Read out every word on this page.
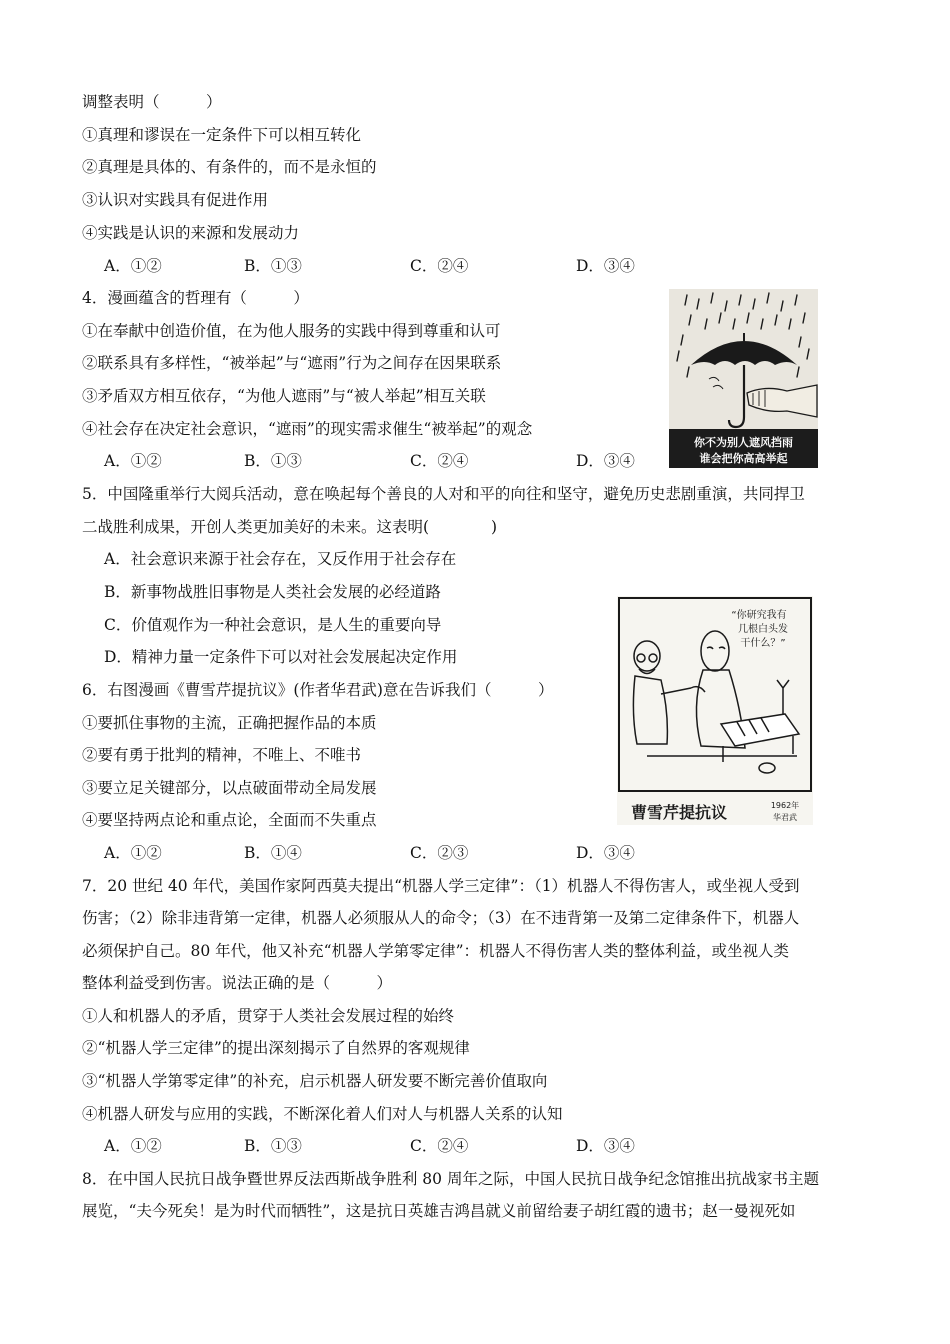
调整表明（　　　）
①真理和谬误在一定条件下可以相互转化
②真理是具体的、有条件的，而不是永恒的
③认识对实践具有促进作用
④实践是认识的来源和发展动力
A．①②	B．①③	C．②④	D．③④
4．漫画蕴含的哲理有（　　　）
①在奉献中创造价值，在为他人服务的实践中得到尊重和认可
②联系具有多样性，“被举起”与“遮雨”行为之间存在因果联系
③矛盾双方相互依存，“为他人遮雨”与“被人举起”相互关联
④社会存在决定社会意识，“遮雨”的现实需求催生“被举起”的观念
A．①②	B．①③	C．②④	D．③④
你不为别人遮风挡雨
谁会把你高高举起
5．中国隆重举行大阅兵活动，意在唤起每个善良的人对和平的向往和坚守，避免历史悲剧重演，共同捍卫
二战胜利成果，开创人类更加美好的未来。这表明(　　　　)
A．社会意识来源于社会存在，又反作用于社会存在
B．新事物战胜旧事物是人类社会发展的必经道路
C．价值观作为一种社会意识，是人生的重要向导
D．精神力量一定条件下可以对社会发展起决定作用
6．右图漫画《曹雪芹提抗议》(作者华君武)意在告诉我们（　　　）
①要抓住事物的主流，正确把握作品的本质
②要有勇于批判的精神，不唯上、不唯书
③要立足关键部分，以点破面带动全局发展
④要坚持两点论和重点论，全面而不失重点
A．①②	B．①④	C．②③	D．③④
“你研究我有
几根白头发
干什么？”
曹雪芹提抗议	1962年
华君武
7．20 世纪 40 年代，美国作家阿西莫夫提出“机器人学三定律”：（1）机器人不得伤害人，或坐视人受到
伤害；（2）除非违背第一定律，机器人必须服从人的命令；（3）在不违背第一及第二定律条件下，机器人
必须保护自己。80 年代，他又补充“机器人学第零定律”：机器人不得伤害人类的整体利益，或坐视人类
整体利益受到伤害。说法正确的是（　　　）
①人和机器人的矛盾，贯穿于人类社会发展过程的始终
②“机器人学三定律”的提出深刻揭示了自然界的客观规律
③“机器人学第零定律”的补充，启示机器人研发要不断完善价值取向
④机器人研发与应用的实践，不断深化着人们对人与机器人关系的认知
A．①②	B．①③	C．②④	D．③④
8．在中国人民抗日战争暨世界反法西斯战争胜利 80 周年之际，中国人民抗日战争纪念馆推出抗战家书主题
展览，“夫今死矣！是为时代而牺牲”，这是抗日英雄吉鸿昌就义前留给妻子胡红霞的遗书；赵一曼视死如
